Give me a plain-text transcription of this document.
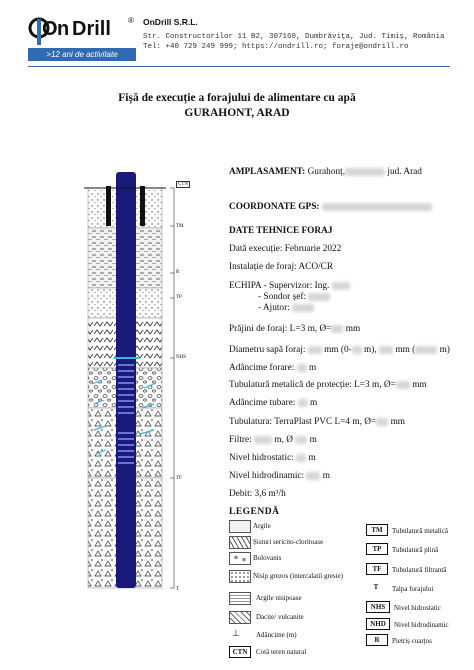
On Drill ®
>12 ani de activitate
OnDrill S.R.L.
Str. Constructorilor 11 B2, 307160, Dumbrăvița, Jud. Timiș, România
Tel: +40 729 249 999; https://ondrill.ro; foraje@ondrill.ro
Fișă de execuție a forajului de alimentare cu apă
GURAHONT, ARAD
CTN
TM
R
TP
NHS
TF
T
AMPLASAMENT: Gurahonț,	jud. Arad
COORDONATE GPS:
DATE TEHNICE FORAJ
Dată execuție: Februarie 2022
Instalație de foraj: ACO/CR
ECHIPA - Supervizor: Ing.
- Sondor șef:
- Ajutor:
Prăjini de foraj: L=3 m, Ø= mm
Diametru sapă foraj: mm (0- m), mm (	m)
Adâncime forare: m
Tubulatură metalică de protecție: L=3 m, Ø= mm
Adâncime tubare: m
Tubulatura: TerraPlast PVC L=4 m, Ø= mm
Filtre: m, Ø m
Nivel hidrostatic: m
Nivel hidrodinamic: m
Debit: 3,6 m³/h
LEGENDĂ
Argile
Șisturi sericito-cloritoase
Bolovanis
Nisip grezos (intercalatii gresie)
Argile nisipoase
Dacite/ vulcanite
⊥ Adâncime (m)
CTN	Cotă teren natural
TM	Tubulatură metalică
TP	Tubulatură plină
TF	Tubulatură filtrantă
T	Talpa forajului
NHS	Nivel hidrostatic
NHD	Nivel hidrodinamic
R	Pietriș cuarțos
